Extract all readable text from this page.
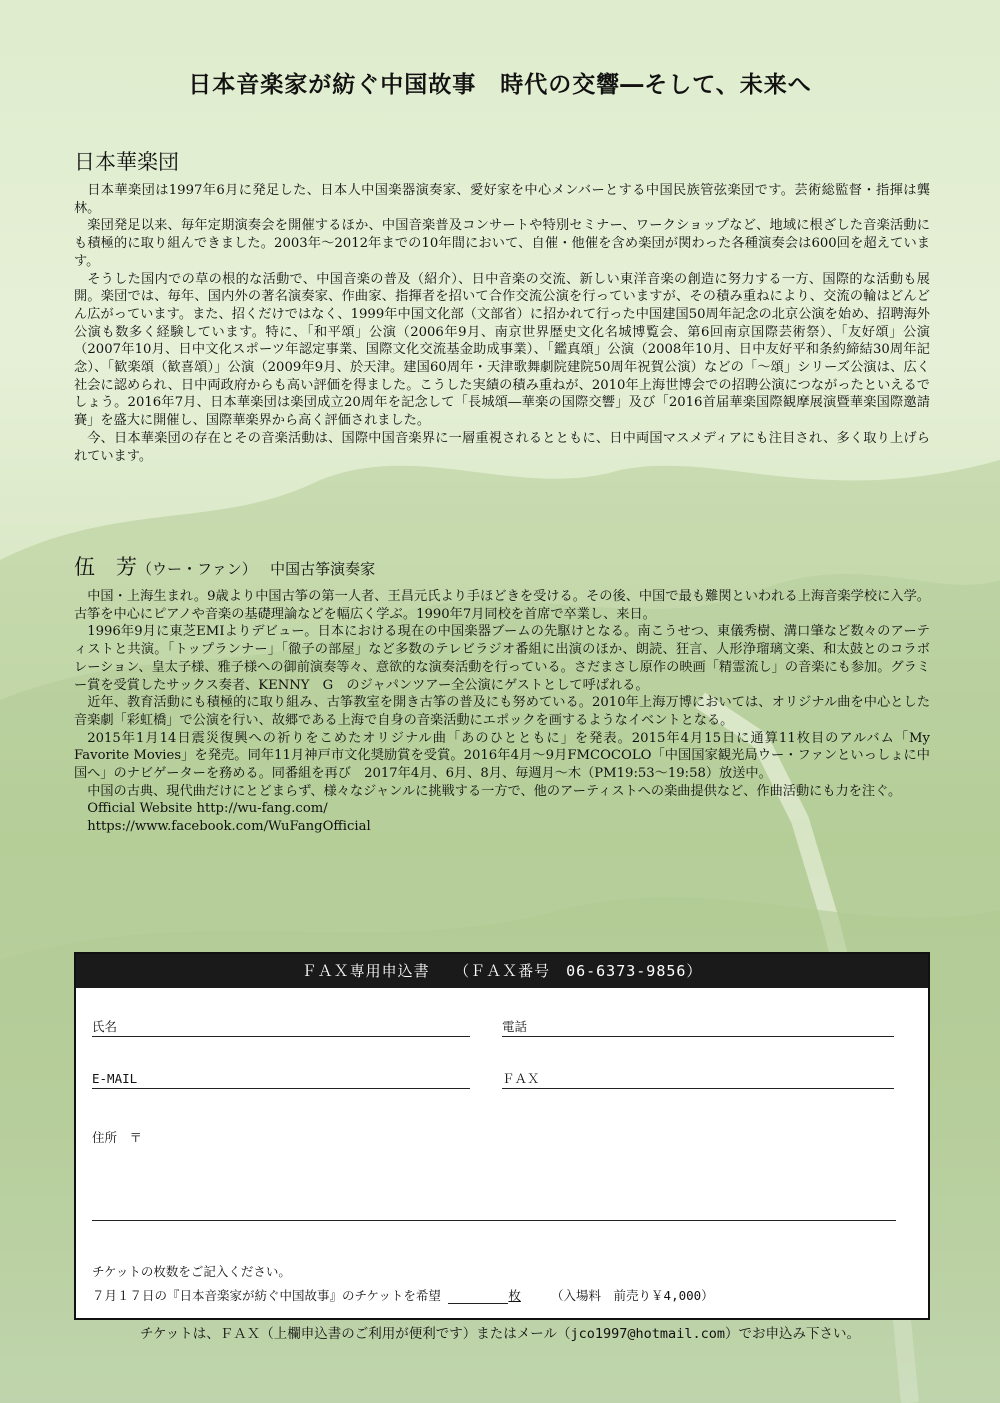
日本音楽家が紡ぐ中国故事　時代の交響―そして、未来へ
日本華楽団

日本華楽団は1997年6月に発足した、日本人中国楽器演奏家、愛好家を中心メンバーとする中国民族管弦楽団です。芸術総監督・指揮は龔林。

楽団発足以来、毎年定期演奏会を開催するほか、中国音楽普及コンサートや特別セミナー、ワークショップなど、地域に根ざした音楽活動にも積極的に取り組んできました。2003年～2012年までの10年間において、自催・他催を含め楽団が関わった各種演奏会は600回を超えています。

そうした国内での草の根的な活動で、中国音楽の普及（紹介）、日中音楽の交流、新しい東洋音楽の創造に努力する一方、国際的な活動も展開。楽団では、毎年、国内外の著名演奏家、作曲家、指揮者を招いて合作交流公演を行っていますが、その積み重ねにより、交流の輪はどんどん広がっています。また、招くだけではなく、1999年中国文化部（文部省）に招かれて行った中国建国50周年記念の北京公演を始め、招聘海外公演も数多く経験しています。特に、「和平頌」公演（2006年9月、南京世界歴史文化名城博覧会、第6回南京国際芸術祭）、「友好頌」公演（2007年10月、日中文化スポーツ年認定事業、国際文化交流基金助成事業）、「鑑真頌」公演（2008年10月、日中友好平和条約締結30周年記念）、「歓楽頌（歓喜頌）」公演（2009年9月、於天津。建国60周年・天津歌舞劇院建院50周年祝賀公演）などの「～頌」シリーズ公演は、広く社会に認められ、日中両政府からも高い評価を得ました。こうした実績の積み重ねが、2010年上海世博会での招聘公演につながったといえるでしょう。2016年7月、日本華楽団は楽団成立20周年を記念して「長城頌―華楽の国際交響」及び「2016首届華楽国際観摩展演暨華楽国際邀請賽」を盛大に開催し、国際華楽界から高く評価されました。

今、日本華楽団の存在とその音楽活動は、国際中国音楽界に一層重視されるとともに、日中両国マスメディアにも注目され、多く取り上げられています。

伍　芳（ウー・ファン） 中国古筝演奏家

中国・上海生まれ。9歳より中国古筝の第一人者、王昌元氏より手ほどきを受ける。その後、中国で最も難関といわれる上海音楽学校に入学。古筝を中心にピアノや音楽の基礎理論などを幅広く学ぶ。1990年7月同校を首席で卒業し、来日。

1996年9月に東芝EMIよりデビュー。日本における現在の中国楽器ブームの先駆けとなる。南こうせつ、東儀秀樹、溝口肇など数々のアーティストと共演。「トップランナー」「徹子の部屋」など多数のテレビラジオ番組に出演のほか、朗読、狂言、人形浄瑠璃文楽、和太鼓とのコラボレーション、皇太子様、雅子様への御前演奏等々、意欲的な演奏活動を行っている。さだまさし原作の映画「精霊流し」の音楽にも参加。グラミー賞を受賞したサックス奏者、KENNY　G　のジャパンツアー全公演にゲストとして呼ばれる。

近年、教育活動にも積極的に取り組み、古筝教室を開き古筝の普及にも努めている。2010年上海万博においては、オリジナル曲を中心とした音楽劇「彩虹橋」で公演を行い、故郷である上海で自身の音楽活動にエポックを画するようなイベントとなる。

2015年1月14日震災復興への祈りをこめたオリジナル曲「あのひとともに」を発表。2015年4月15日に通算11枚目のアルバム「My Favorite Movies」を発売。同年11月神戸市文化奨励賞を受賞。2016年4月～9月FMCOCOLO「中国国家観光局ウー・ファンといっしょに中国へ」のナビゲーターを務める。同番組を再び　2017年4月、6月、8月、毎週月～木（PM19:53～19:58）放送中。

中国の古典、現代曲だけにとどまらず、様々なジャンルに挑戦する一方で、他のアーティストへの楽曲提供など、作曲活動にも力を注ぐ。

Official Website http://wu-fang.com/

https://www.facebook.com/WuFangOfficial

ＦＡＸ専用申込書　　（ＦＡＸ番号　06-6373-9856）
氏名	電話
E-MAIL	ＦＡＸ
住所　〒
チケットの枚数をご記入ください。
７月１７日の『日本音楽家が紡ぐ中国故事』のチケットを希望	枚 （入場料　前売り￥4,000）
チケットは、ＦＡＸ（上欄申込書のご利用が便利です）またはメール（jco1997@hotmail.com）でお申込み下さい。
